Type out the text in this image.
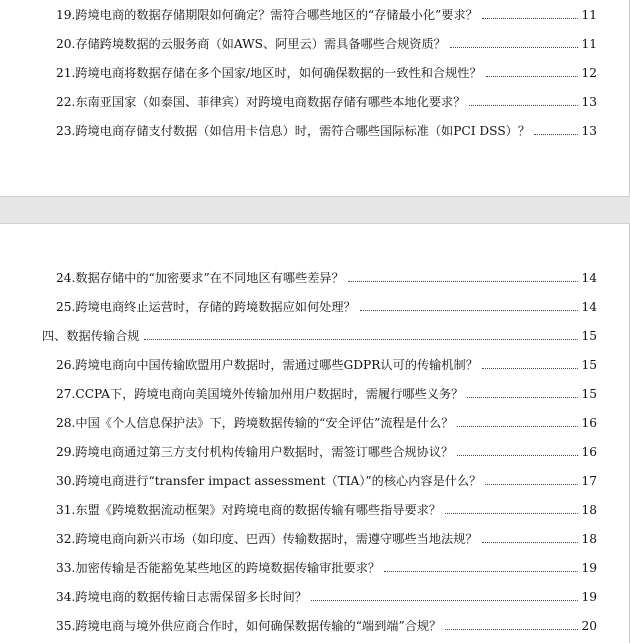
19.跨境电商的数据存储期限如何确定？需符合哪些地区的“存储最小化”要求？	11
20.存储跨境数据的云服务商（如AWS、阿里云）需具备哪些合规资质？	11
21.跨境电商将数据存储在多个国家/地区时，如何确保数据的一致性和合规性？	12
22.东南亚国家（如泰国、菲律宾）对跨境电商数据存储有哪些本地化要求？	13
23.跨境电商存储支付数据（如信用卡信息）时，需符合哪些国际标准（如PCI DSS）？	13
24.数据存储中的“加密要求”在不同地区有哪些差异？	14
25.跨境电商终止运营时，存储的跨境数据应如何处理？	14
四、数据传输合规	15
26.跨境电商向中国传输欧盟用户数据时，需通过哪些GDPR认可的传输机制？	15
27.CCPA下，跨境电商向美国境外传输加州用户数据时，需履行哪些义务？	15
28.中国《个人信息保护法》下，跨境数据传输的“安全评估”流程是什么？	16
29.跨境电商通过第三方支付机构传输用户数据时，需签订哪些合规协议？	16
30.跨境电商进行“transfer impact assessment（TIA）”的核心内容是什么？	17
31.东盟《跨境数据流动框架》对跨境电商的数据传输有哪些指导要求？	18
32.跨境电商向新兴市场（如印度、巴西）传输数据时，需遵守哪些当地法规？	18
33.加密传输是否能豁免某些地区的跨境数据传输审批要求？	19
34.跨境电商的数据传输日志需保留多长时间？	19
35.跨境电商与境外供应商合作时，如何确保数据传输的“端到端”合规？	20
